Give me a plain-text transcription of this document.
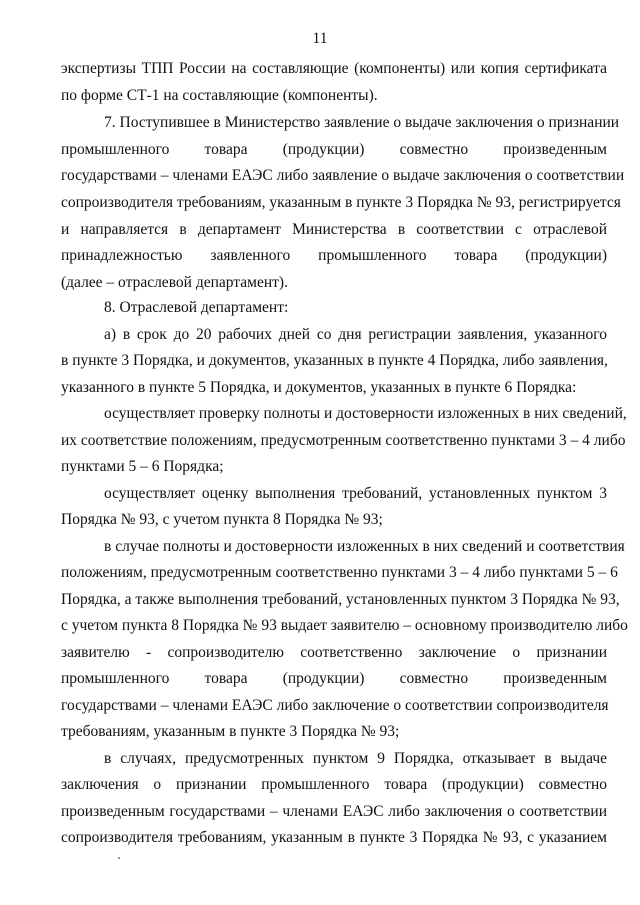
11
экспертизы ТПП России на составляющие (компоненты) или копия сертификата
по форме СТ-1 на составляющие (компоненты).
7. Поступившее в Министерство заявление о выдаче заключения о признании
промышленного товара (продукции) совместно произведенным
государствами – членами ЕАЭС либо заявление о выдаче заключения о соответствии
сопроизводителя требованиям, указанным в пункте 3 Порядка № 93, регистрируется
и направляется в департамент Министерства в соответствии с отраслевой
принадлежностью заявленного промышленного товара (продукции)
(далее – отраслевой департамент).
8. Отраслевой департамент:
а) в срок до 20 рабочих дней со дня регистрации заявления, указанного
в пункте 3 Порядка, и документов, указанных в пункте 4 Порядка, либо заявления,
указанного в пункте 5 Порядка, и документов, указанных в пункте 6 Порядка:
осуществляет проверку полноты и достоверности изложенных в них сведений,
их соответствие положениям, предусмотренным соответственно пунктами 3 – 4 либо
пунктами 5 – 6 Порядка;
осуществляет оценку выполнения требований, установленных пунктом 3
Порядка № 93, с учетом пункта 8 Порядка № 93;
в случае полноты и достоверности изложенных в них сведений и соответствия
положениям, предусмотренным соответственно пунктами 3 – 4 либо пунктами 5 – 6
Порядка, а также выполнения требований, установленных пунктом 3 Порядка № 93,
с учетом пункта 8 Порядка № 93 выдает заявителю – основному производителю либо
заявителю - сопроизводителю соответственно заключение о признании
промышленного товара (продукции) совместно произведенным
государствами – членами ЕАЭС либо заключение о соответствии сопроизводителя
требованиям, указанным в пункте 3 Порядка № 93;
в случаях, предусмотренных пунктом 9 Порядка, отказывает в выдаче
заключения о признании промышленного товара (продукции) совместно
произведенным государствами – членами ЕАЭС либо заключения о соответствии
сопроизводителя требованиям, указанным в пункте 3 Порядка № 93, с указанием
